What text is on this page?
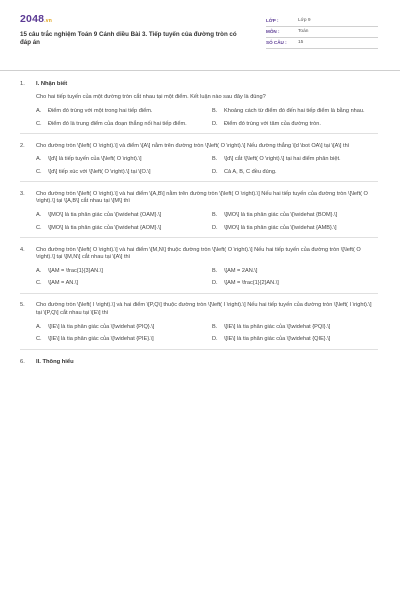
2048.vn
15 câu trắc nghiệm Toán 9 Cánh diều Bài 3. Tiếp tuyến của đường tròn có đáp án
LỚP :	Lớp 9
MÔN :	Toán
SỐ CÂU :	15
1.	I. Nhận biết
Cho hai tiếp tuyến của một đường tròn cắt nhau tại một điểm. Kết luận nào sau đây là đúng?
A.	Điểm đó trùng với một trong hai tiếp điểm.	B.	Khoảng cách từ điểm đó đến hai tiếp điểm là bằng nhau.
C.	Điểm đó là trung điểm của đoạn thẳng nối hai tiếp điểm.	D.	Điểm đó trùng với tâm của đường tròn.
2.	Cho đường tròn \[\left( O \right).\] và điểm \[A\] nằm trên đường tròn \[\left( O \right).\] Nếu đường thẳng \[d \bot OA\] tại \[A\] thì
A.	\[d\] là tiếp tuyến của \[\left( O \right).\]	B.	\[d\] cắt \[\left( O \right).\] tại hai điểm phân biệt.
C.	\[d\] tiếp xúc với \[\left( O \right).\] tại \[O.\]	D.	Cả A, B, C đều đúng.
3.	Cho đường tròn \[\left( O \right).\] và hai điểm \[A,B\] nằm trên đường tròn \[\left( O \right).\] Nếu hai tiếp tuyến của đường tròn \[\left( O \right).\] tại \[A,B\] cắt nhau tại \[M\] thì
A.	\[MO\] là tia phân giác của \[\widehat {OAM}.\]	B.	\[MO\] là tia phân giác của \[\widehat {BOM}.\]
C.	\[MO\] là tia phân giác của \[\widehat {AOM}.\]	D.	\[MO\] là tia phân giác của \[\widehat {AMB}.\]
4.	Cho đường tròn \[\left( O \right).\] và hai điểm \[M,N\] thuộc đường tròn \[\left( O \right).\] Nếu hai tiếp tuyến của đường tròn \[\left( O \right).\] tại \[M,N\] cắt nhau tại \[A\] thì
A.	\[AM = \frac{1}{3}AN.\]	B.	\[AM = 2AN.\]
C.	\[AM = AN.\]	D.	\[AM = \frac{1}{2}AN.\]
5.	Cho đường tròn \[\left( I \right).\] và hai điểm \[P,Q\] thuộc đường tròn \[\left( I \right).\] Nếu hai tiếp tuyến của đường tròn \[\left( I \right).\] tại \[P,Q\] cắt nhau tại \[E\] thì
A.	\[IE\] là tia phân giác của \[\widehat {PIQ}.\]	B.	\[IE\] là tia phân giác của \[\widehat {PQI}.\]
C.	\[IE\] là tia phân giác của \[\widehat {PIE}.\]	D.	\[IE\] là tia phân giác của \[\widehat {QIE}.\]
6.	II. Thông hiểu
